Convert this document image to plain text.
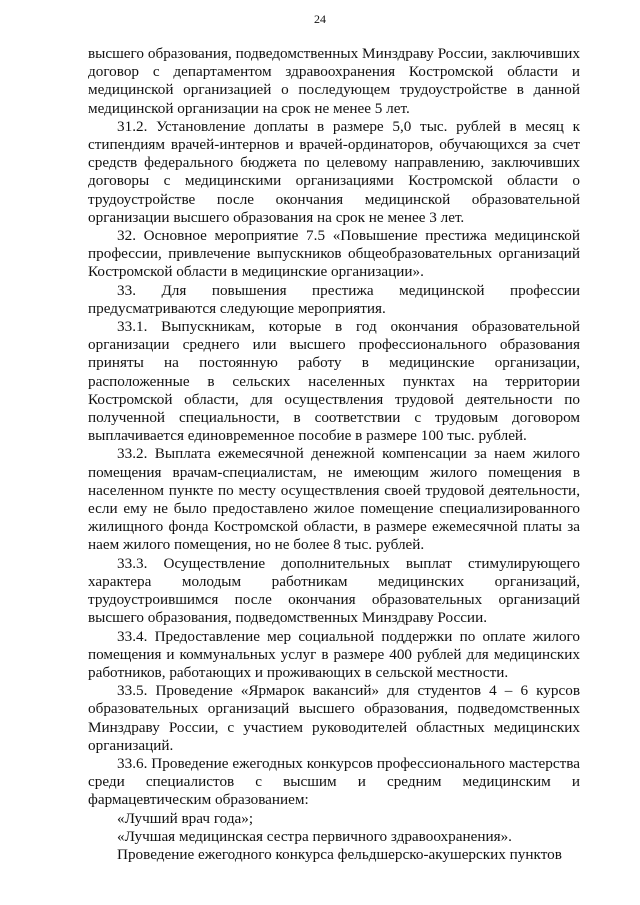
24

высшего образования, подведомственных Минздраву России, заключивших договор с департаментом здравоохранения Костромской области и медицинской организацией о последующем трудоустройстве в данной медицинской организации на срок не менее 5 лет.

31.2. Установление доплаты в размере 5,0 тыс. рублей в месяц к стипендиям врачей-интернов и врачей-ординаторов, обучающихся за счет средств федерального бюджета по целевому направлению, заключивших договоры с медицинскими организациями Костромской области о трудоустройстве после окончания медицинской образовательной организации высшего образования на срок не менее 3 лет.

32. Основное мероприятие 7.5 «Повышение престижа медицинской профессии, привлечение выпускников общеобразовательных организаций Костромской области в медицинские организации».

33. Для повышения престижа медицинской профессии предусматриваются следующие мероприятия.

33.1. Выпускникам, которые в год окончания образовательной организации среднего или высшего профессионального образования приняты на постоянную работу в медицинские организации, расположенные в сельских населенных пунктах на территории Костромской области, для осуществления трудовой деятельности по полученной специальности, в соответствии с трудовым договором выплачивается единовременное пособие в размере 100 тыс. рублей.

33.2. Выплата ежемесячной денежной компенсации за наем жилого помещения врачам-специалистам, не имеющим жилого помещения в населенном пункте по месту осуществления своей трудовой деятельности, если ему не было предоставлено жилое помещение специализированного жилищного фонда Костромской области, в размере ежемесячной платы за наем жилого помещения, но не более 8 тыс. рублей.

33.3. Осуществление дополнительных выплат стимулирующего характера молодым работникам медицинских организаций, трудоустроившимся после окончания образовательных организаций высшего образования, подведомственных Минздраву России.

33.4. Предоставление мер социальной поддержки по оплате жилого помещения и коммунальных услуг в размере 400 рублей для медицинских работников, работающих и проживающих в сельской местности.

33.5. Проведение «Ярмарок вакансий» для студентов 4 – 6 курсов образовательных организаций высшего образования, подведомственных Минздраву России, с участием руководителей областных медицинских организаций.

33.6. Проведение ежегодных конкурсов профессионального мастерства среди специалистов с высшим и средним медицинским и фармацевтическим образованием:

«Лучший врач года»;

«Лучшая медицинская сестра первичного здравоохранения».

Проведение ежегодного конкурса фельдшерско-акушерских пунктов
